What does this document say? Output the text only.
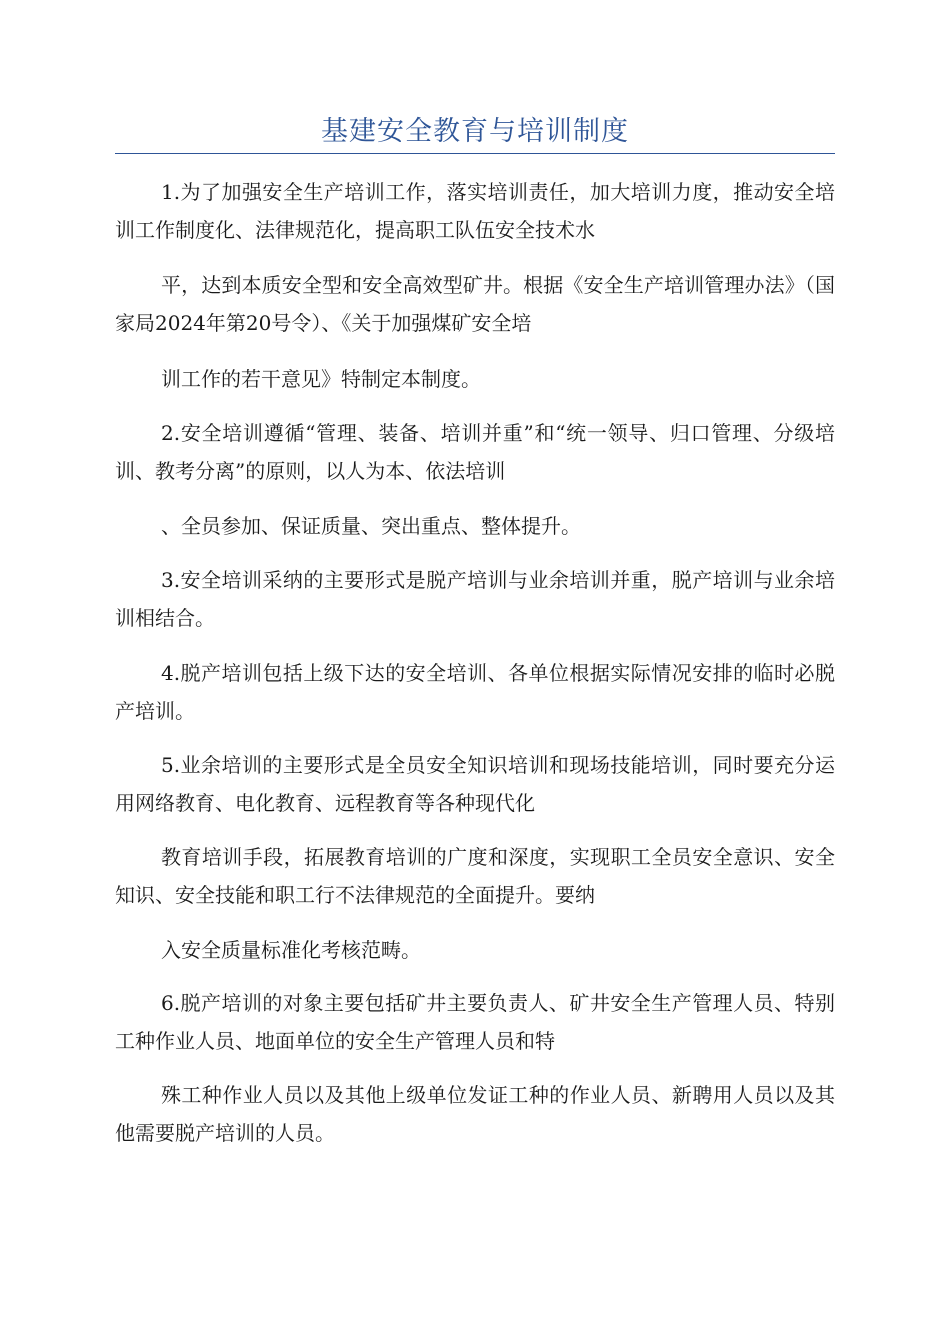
基建安全教育与培训制度

1.为了加强安全生产培训工作，落实培训责任，加大培训力度，推动安全培训工作制度化、法律规范化，提高职工队伍安全技术水

平，达到本质安全型和安全高效型矿井。根据《安全生产培训管理办法》（国家局2024年第20号令）、《关于加强煤矿安全培

训工作的若干意见》特制定本制度。

2.安全培训遵循“管理、装备、培训并重”和“统一领导、归口管理、分级培训、教考分离”的原则，以人为本、依法培训

、全员参加、保证质量、突出重点、整体提升。

3.安全培训采纳的主要形式是脱产培训与业余培训并重，脱产培训与业余培训相结合。

4.脱产培训包括上级下达的安全培训、各单位根据实际情况安排的临时必脱产培训。

5.业余培训的主要形式是全员安全知识培训和现场技能培训，同时要充分运用网络教育、电化教育、远程教育等各种现代化

教育培训手段，拓展教育培训的广度和深度，实现职工全员安全意识、安全知识、安全技能和职工行不法律规范的全面提升。要纳

入安全质量标准化考核范畴。

6.脱产培训的对象主要包括矿井主要负责人、矿井安全生产管理人员、特别工种作业人员、地面单位的安全生产管理人员和特

殊工种作业人员以及其他上级单位发证工种的作业人员、新聘用人员以及其他需要脱产培训的人员。
